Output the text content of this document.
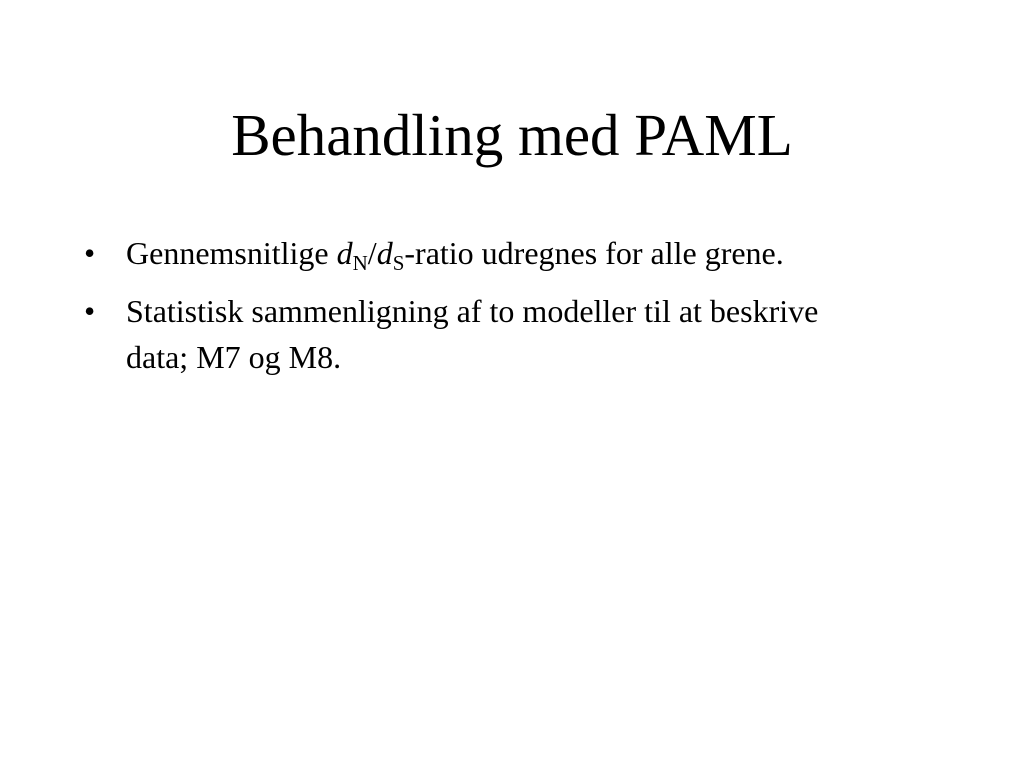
Behandling med PAML
• Gennemsnitlige $d_N/d_S$-ratio udregnes for alle grene.
• Statistisk sammenligning af to modeller til at beskrive data; M7 og M8.
